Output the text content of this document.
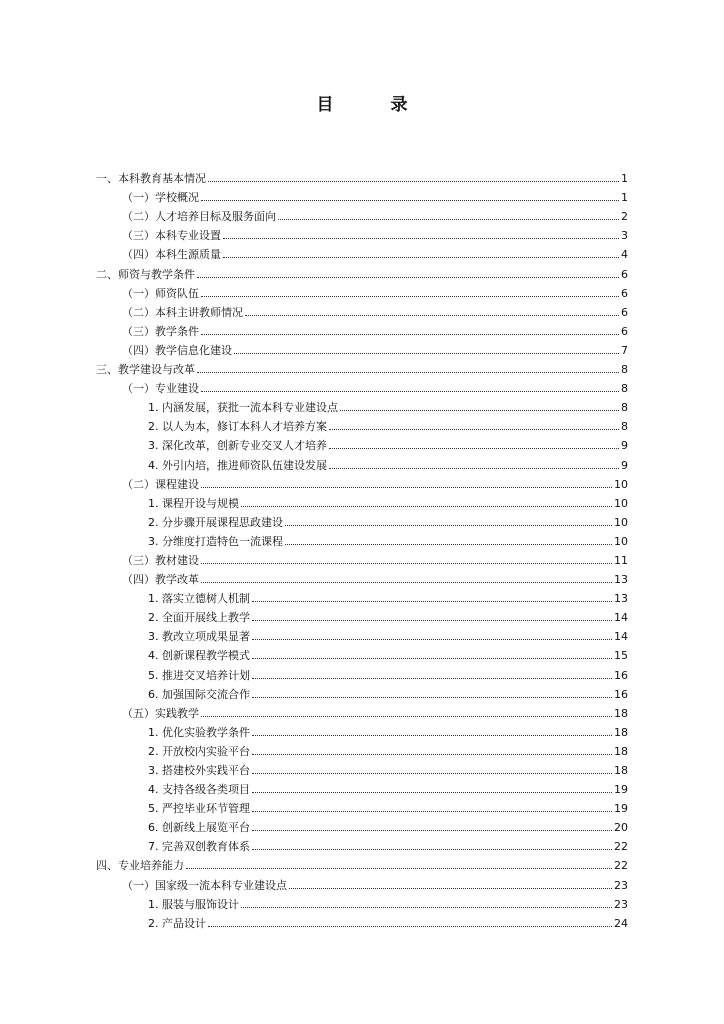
目　录
一、本科教育基本情况	1
（一）学校概况	1
（二）人才培养目标及服务面向	2
（三）本科专业设置	3
（四）本科生源质量	4
二、师资与教学条件	6
（一）师资队伍	6
（二）本科主讲教师情况	6
（三）教学条件	6
（四）教学信息化建设	7
三、教学建设与改革	8
（一）专业建设	8
1. 内涵发展，获批一流本科专业建设点	8
2. 以人为本，修订本科人才培养方案	8
3. 深化改革，创新专业交叉人才培养	9
4. 外引内培，推进师资队伍建设发展	9
（二）课程建设	10
1. 课程开设与规模	10
2. 分步骤开展课程思政建设	10
3. 分维度打造特色一流课程	10
（三）教材建设	11
（四）教学改革	13
1. 落实立德树人机制	13
2. 全面开展线上教学	14
3. 教改立项成果显著	14
4. 创新课程教学模式	15
5. 推进交叉培养计划	16
6. 加强国际交流合作	16
（五）实践教学	18
1. 优化实验教学条件	18
2. 开放校内实验平台	18
3. 搭建校外实践平台	18
4. 支持各级各类项目	19
5. 严控毕业环节管理	19
6. 创新线上展览平台	20
7. 完善双创教育体系	22
四、专业培养能力	22
（一）国家级一流本科专业建设点	23
1. 服装与服饰设计	23
2. 产品设计	24
